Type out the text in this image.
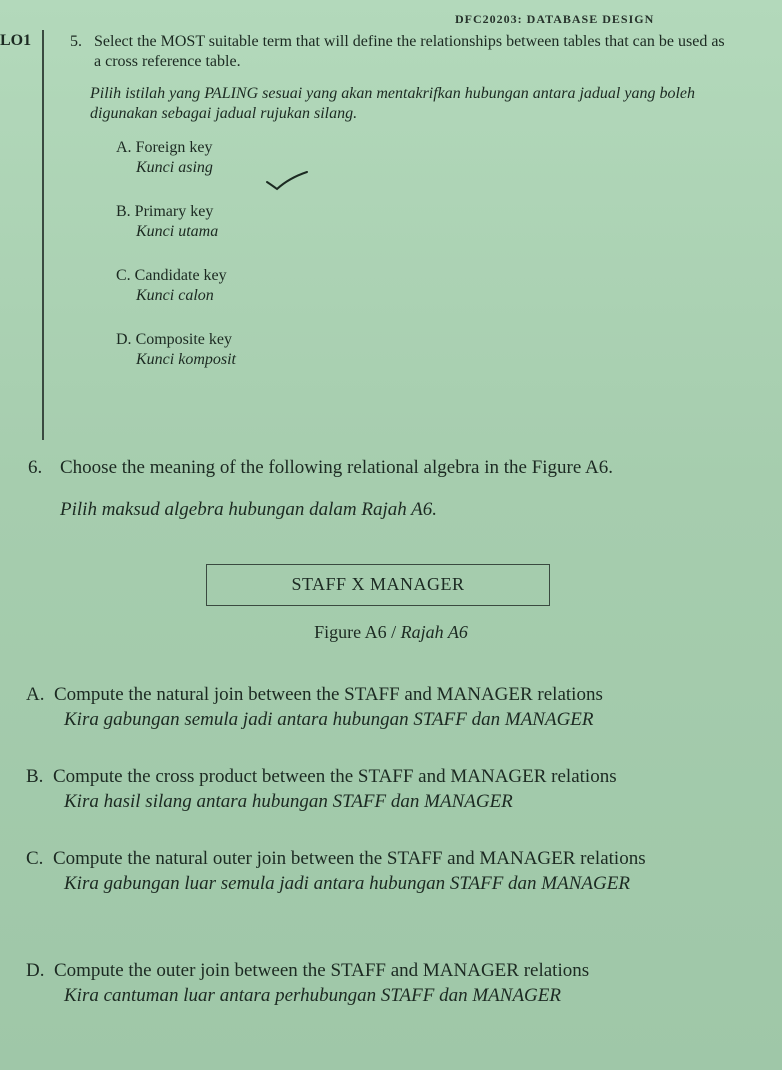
DFC20203: DATABASE DESIGN
LO1 5. Select the MOST suitable term that will define the relationships between tables that can be used as a cross reference table.
Pilih istilah yang PALING sesuai yang akan mentakrifkan hubungan antara jadual yang boleh digunakan sebagai jadual rujukan silang.
A. Foreign key
Kunci asing
B. Primary key
Kunci utama
C. Candidate key
Kunci calon
D. Composite key
Kunci komposit
6. Choose the meaning of the following relational algebra in the Figure A6.
Pilih maksud algebra hubungan dalam Rajah A6.
STAFF X MANAGER
Figure A6 / Rajah A6
A. Compute the natural join between the STAFF and MANAGER relations
Kira gabungan semula jadi antara hubungan STAFF dan MANAGER
B. Compute the cross product between the STAFF and MANAGER relations
Kira hasil silang antara hubungan STAFF dan MANAGER
C. Compute the natural outer join between the STAFF and MANAGER relations
Kira gabungan luar semula jadi antara hubungan STAFF dan MANAGER
D. Compute the outer join between the STAFF and MANAGER relations
Kira cantuman luar antara perhubungan STAFF dan MANAGER
